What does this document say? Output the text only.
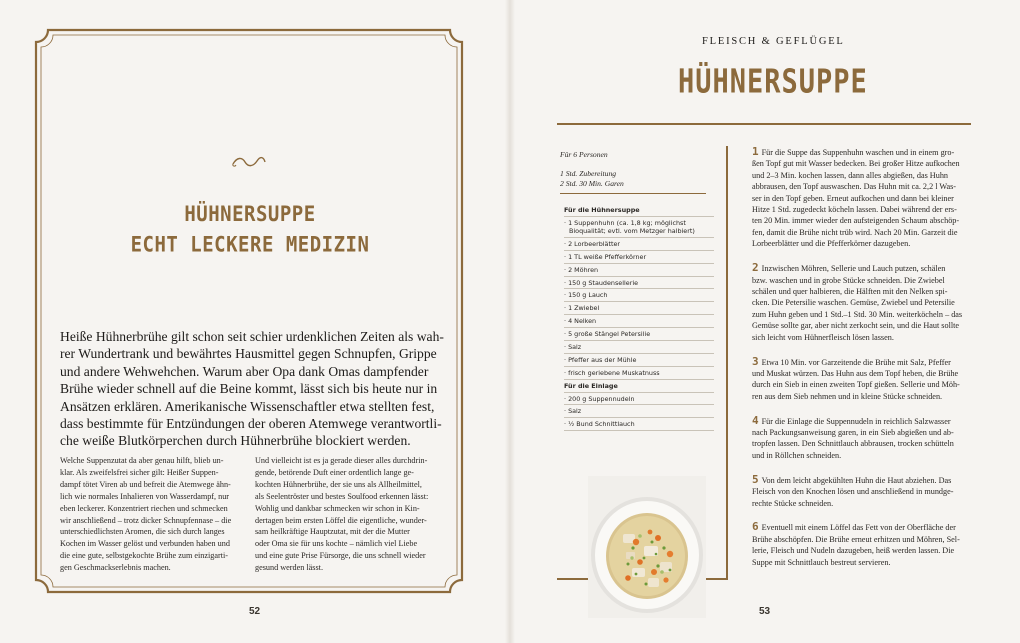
HÜHNERSUPPE
ECHT LECKERE MEDIZIN
Heiße Hühnerbrühe gilt schon seit schier urdenklichen Zeiten als wah-
rer Wundertrank und bewährtes Hausmittel gegen Schnupfen, Grippe
und andere Wehwehchen. Warum aber Opa dank Omas dampfender
Brühe wieder schnell auf die Beine kommt, lässt sich bis heute nur in
Ansätzen erklären. Amerikanische Wissenschaftler etwa stellten fest,
dass bestimmte für Entzündungen der oberen Atemwege verantwortli-
che weiße Blutkörperchen durch Hühnerbrühe blockiert werden.
Welche Suppenzutat da aber genau hilft, blieb un-
klar. Als zweifelsfrei sicher gilt: Heißer Suppen-
dampf tötet Viren ab und befreit die Atemwege ähn-
lich wie normales Inhalieren von Wasserdampf, nur
eben leckerer. Konzentriert riechen und schmecken
wir anschließend – trotz dicker Schnupfennase – die
unterschiedlichsten Aromen, die sich durch langes
Kochen im Wasser gelöst und verbunden haben und
die eine gute, selbstgekochte Brühe zum einzigarti-
gen Geschmackserlebnis machen.
Und vielleicht ist es ja gerade dieser alles durchdrin-
gende, betörende Duft einer ordentlich lange ge-
kochten Hühnerbrühe, der sie uns als Allheilmittel,
als Seelentröster und bestes Soulfood erkennen lässt:
Wohlig und dankbar schmecken wir schon in Kin-
dertagen beim ersten Löffel die eigentliche, wunder-
sam heilkräftige Hauptzutat, mit der die Mutter
oder Oma sie für uns kochte – nämlich viel Liebe
und eine gute Prise Fürsorge, die uns schnell wieder
gesund werden lässt.
52
FLEISCH & GEFLÜGEL
HÜHNERSUPPE
Für 6 Personen
1 Std. Zubereitung
2 Std. 30 Min. Garen
Für die Hühnersuppe
· 1 Suppenhuhn (ca. 1,8 kg; möglichst
Bioqualität; evtl. vom Metzger halbiert)
· 2 Lorbeerblätter
· 1 TL weiße Pfefferkörner
· 2 Möhren
· 150 g Staudensellerie
· 150 g Lauch
· 1 Zwiebel
· 4 Nelken
· 5 große Stängel Petersilie
· Salz
· Pfeffer aus der Mühle
· frisch geriebene Muskatnuss
Für die Einlage
· 200 g Suppennudeln
· Salz
· ½ Bund Schnittlauch
1 Für die Suppe das Suppenhuhn waschen und in einem gro-
ßen Topf gut mit Wasser bedecken. Bei großer Hitze aufkochen
und 2–3 Min. kochen lassen, dann alles abgießen, das Huhn
abbrausen, den Topf auswaschen. Das Huhn mit ca. 2,2 l Was-
ser in den Topf geben. Erneut aufkochen und dann bei kleiner
Hitze 1 Std. zugedeckt köcheln lassen. Dabei während der ers-
ten 20 Min. immer wieder den aufsteigenden Schaum abschöp-
fen, damit die Brühe nicht trüb wird. Nach 20 Min. Garzeit die
Lorbeerblätter und die Pfefferkörner dazugeben.
2 Inzwischen Möhren, Sellerie und Lauch putzen, schälen
bzw. waschen und in grobe Stücke schneiden. Die Zwiebel
schälen und quer halbieren, die Hälften mit den Nelken spi-
cken. Die Petersilie waschen. Gemüse, Zwiebel und Petersilie
zum Huhn geben und 1 Std.–1 Std. 30 Min. weiterköcheln – das
Gemüse sollte gar, aber nicht zerkocht sein, und die Haut sollte
sich leicht vom Hühnerfleisch lösen lassen.
3 Etwa 10 Min. vor Garzeitende die Brühe mit Salz, Pfeffer
und Muskat würzen. Das Huhn aus dem Topf heben, die Brühe
durch ein Sieb in einen zweiten Topf gießen. Sellerie und Möh-
ren aus dem Sieb nehmen und in kleine Stücke schneiden.
4 Für die Einlage die Suppennudeln in reichlich Salzwasser
nach Packungsanweisung garen, in ein Sieb abgießen und ab-
tropfen lassen. Den Schnittlauch abbrausen, trocken schütteln
und in Röllchen schneiden.
5 Von dem leicht abgekühlten Huhn die Haut abziehen. Das
Fleisch von den Knochen lösen und anschließend in mundge-
rechte Stücke schneiden.
6 Eventuell mit einem Löffel das Fett von der Oberfläche der
Brühe abschöpfen. Die Brühe erneut erhitzen und Möhren, Sel-
lerie, Fleisch und Nudeln dazugeben, heiß werden lassen. Die
Suppe mit Schnittlauch bestreut servieren.
53
